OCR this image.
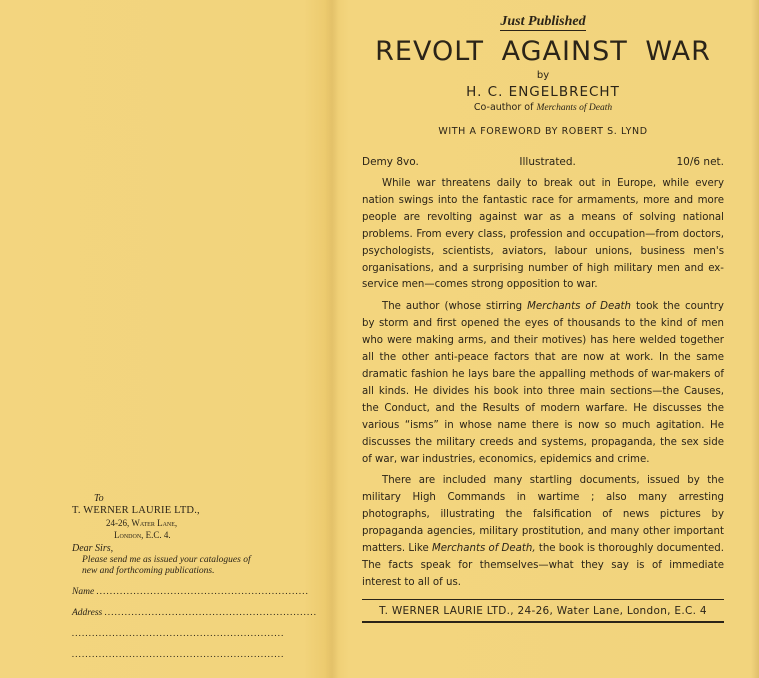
To
T. WERNER LAURIE LTD.,
24-26, Water Lane,
London, E.C. 4.
Dear Sirs,
Please send me as issued your catalogues of new and forthcoming publications.
Name ...............................................................
Address ...............................................................
...............................................................
...............................................................
Just Published
REVOLT AGAINST WAR
by
H. C. ENGELBRECHT
Co-author of Merchants of Death
WITH A FOREWORD BY ROBERT S. LYND
Demy 8vo.	Illustrated.	10/6 net.

While war threatens daily to break out in Europe, while every nation swings into the fantastic race for armaments, more and more people are revolting against war as a means of solving national problems. From every class, profession and occupation—from doctors, psychologists, scientists, aviators, labour unions, business men's organisations, and a surprising number of high military men and ex-service men—comes strong opposition to war.

The author (whose stirring Merchants of Death took the country by storm and first opened the eyes of thousands to the kind of men who were making arms, and their motives) has here welded together all the other anti-peace factors that are now at work. In the same dramatic fashion he lays bare the appalling methods of war-makers of all kinds. He divides his book into three main sections—the Causes, the Conduct, and the Results of modern warfare. He discusses the various “isms” in whose name there is now so much agitation. He discusses the military creeds and systems, propaganda, the sex side of war, war industries, economics, epidemics and crime.

There are included many startling documents, issued by the military High Commands in wartime ; also many arresting photographs, illustrating the falsification of news pictures by propaganda agencies, military prostitution, and many other important matters. Like Merchants of Death, the book is thoroughly documented. The facts speak for themselves—what they say is of immediate interest to all of us.

T. WERNER LAURIE LTD., 24-26, Water Lane, London, E.C. 4
